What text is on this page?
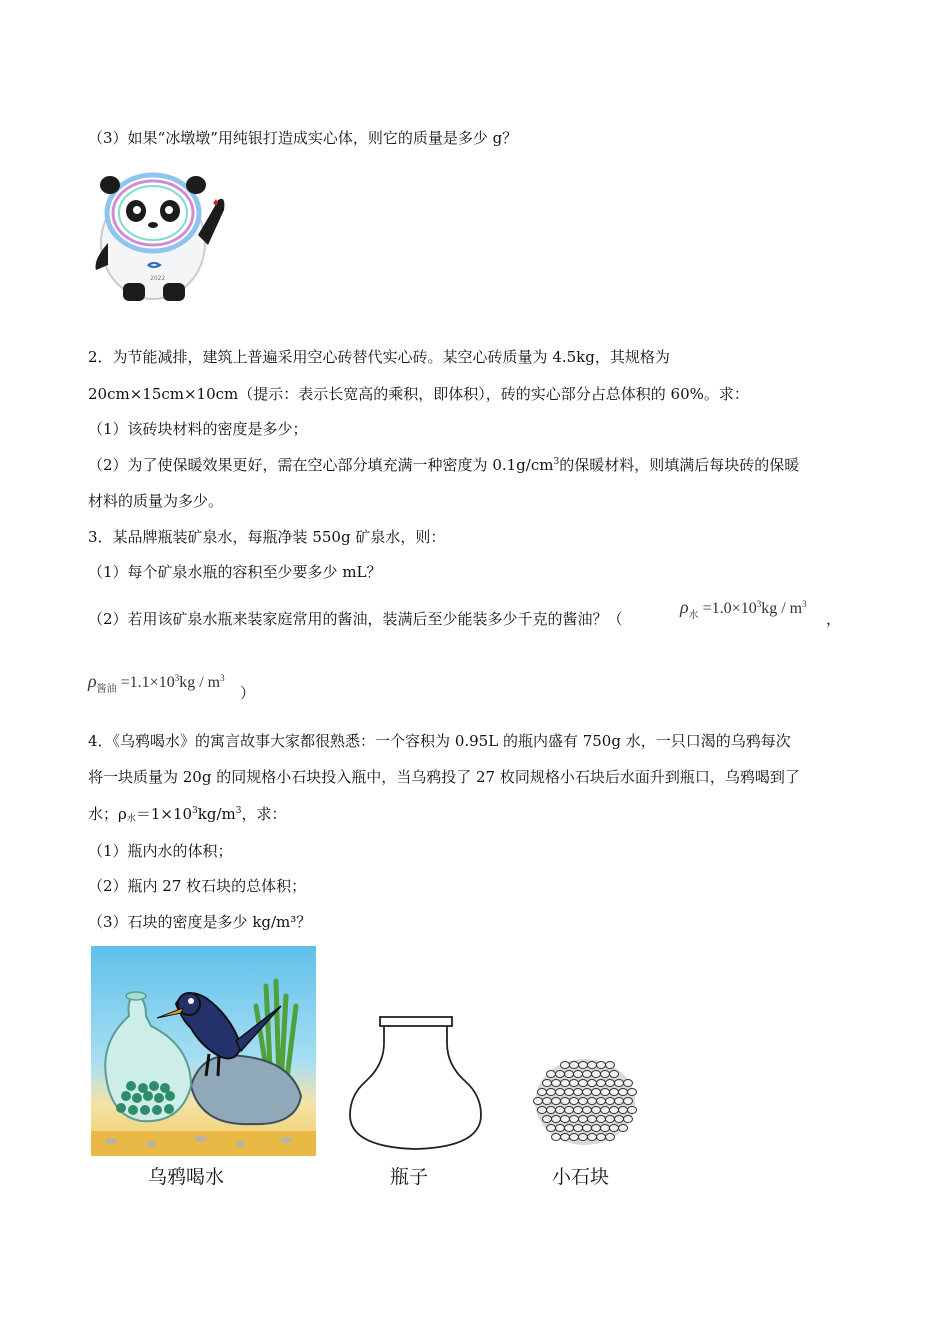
（3）如果“冰墩墩”用纯银打造成实心体，则它的质量是多少 g？
2022
2．为节能减排，建筑上普遍采用空心砖替代实心砖。某空心砖质量为 4.5kg，其规格为
20cm×15cm×10cm（提示：表示长宽高的乘积，即体积），砖的实心部分占总体积的 60%。求：
（1）该砖块材料的密度是多少；
（2）为了使保暖效果更好，需在空心部分填充满一种密度为 $0.1g/cm^3$的保暖材料，则填满后每块砖的保暖
材料的质量为多少。
3．某品牌瓶装矿泉水，每瓶净装 550g 矿泉水，则：
（1）每个矿泉水瓶的容积至少要多少 mL？
（2）若用该矿泉水瓶来装家庭常用的酱油，装满后至少能装多少千克的酱油？（
$\rho_水 =1.0\times 10^3kg / m^3$
，
$\rho_{酱油} =1.1\times 10^3kg / m^3$
）
4．《乌鸦喝水》的寓言故事大家都很熟悉：一个容积为 0.95L 的瓶内盛有 750g 水，一只口渴的乌鸦每次
将一块质量为 20g 的同规格小石块投入瓶中，当乌鸦投了 27 枚同规格小石块后水面升到瓶口，乌鸦喝到了
水；$\rho_水=1\times 10^3kg/m^3$，求：
（1）瓶内水的体积；
（2）瓶内 27 枚石块的总体积；
（3）石块的密度是多少 kg/m³？
乌鸦喝水	瓶子	小石块
